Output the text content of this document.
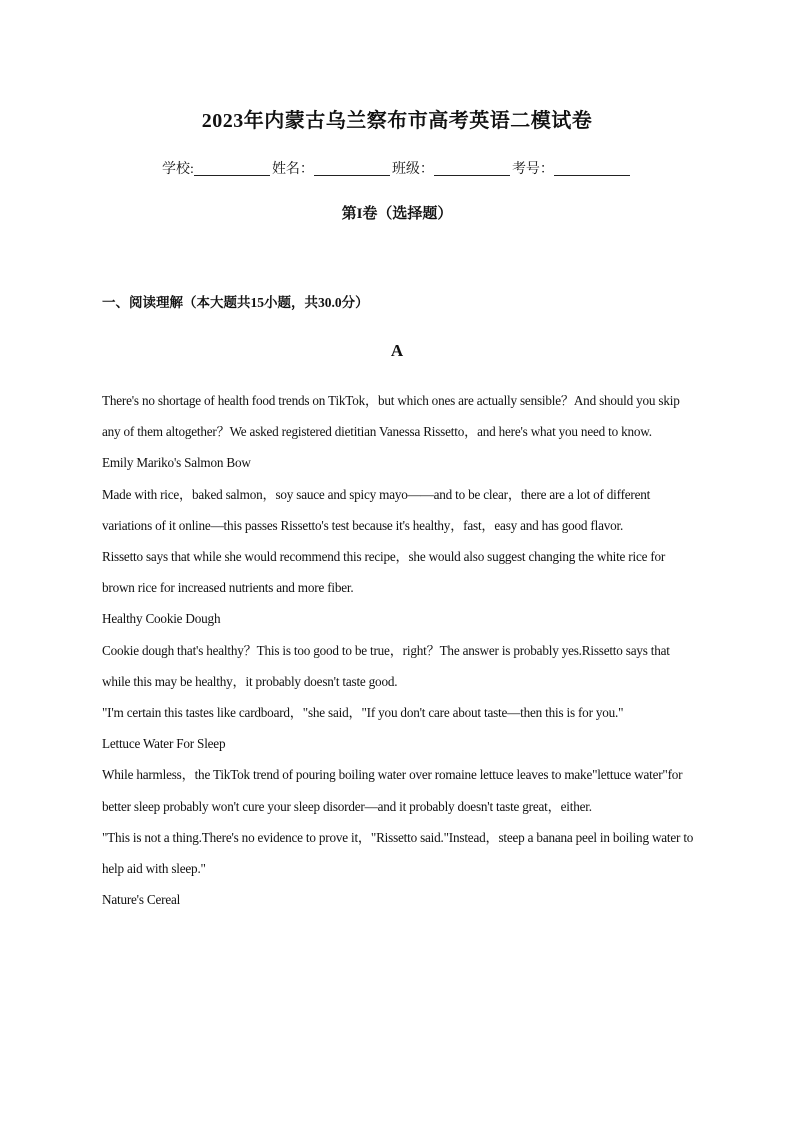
2023年内蒙古乌兰察布市高考英语二模试卷
学校:	姓名：	班级：	考号：
第I卷（选择题）
一、阅读理解（本大题共15小题，共30.0分）
A

There's no shortage of health food trends on TikTok，but which ones are actually sensible？And should you skip any of them altogether？We asked registered dietitian Vanessa Rissetto，and here's what you need to know.

Emily Mariko's Salmon Bow

Made with rice，baked salmon，soy sauce and spicy mayo——and to be clear，there are a lot of different variations of it online—this passes Rissetto's test because it's healthy，fast，easy and has good flavor.

Rissetto says that while she would recommend this recipe，she would also suggest changing the white rice for brown rice for increased nutrients and more fiber.

Healthy Cookie Dough

Cookie dough that's healthy？This is too good to be true，right？The answer is probably yes.Rissetto says that while this may be healthy，it probably doesn't taste good.

"I'm certain this tastes like cardboard，"she said，"If you don't care about taste—then this is for you."

Lettuce Water For Sleep

While harmless，the TikTok trend of pouring boiling water over romaine lettuce leaves to make"lettuce water"for better sleep probably won't cure your sleep disorder—and it probably doesn't taste great，either.

"This is not a thing.There's no evidence to prove it，"Rissetto said."Instead，steep a banana peel in boiling water to help aid with sleep."

Nature's Cereal
